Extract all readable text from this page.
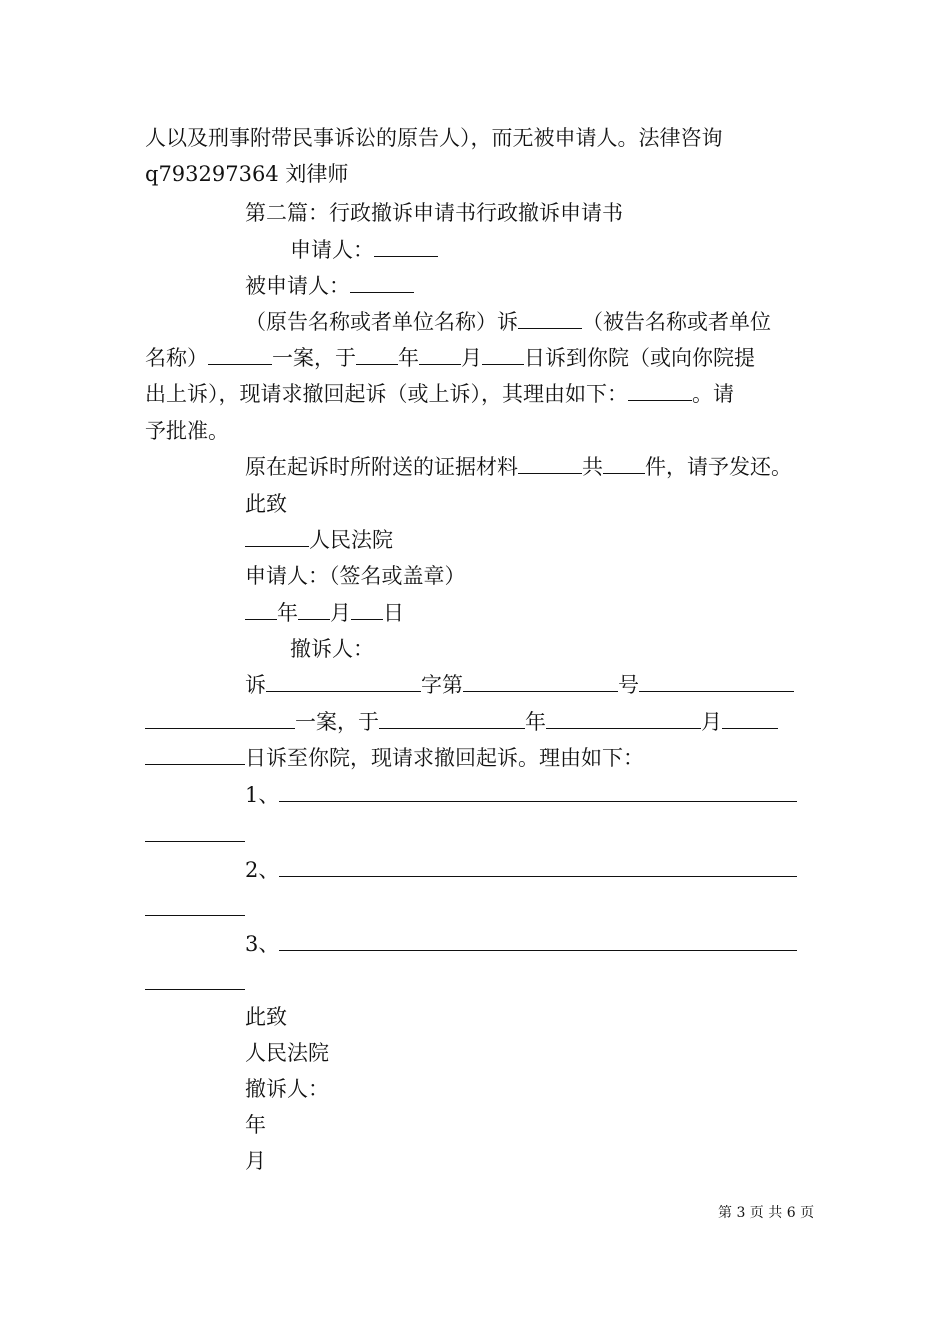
人以及刑事附带民事诉讼的原告人），而无被申请人。法律咨询
q793297364 刘律师
第二篇：行政撤诉申请书行政撤诉申请书
申请人：
被申请人：
（原告名称或者单位名称）诉	（被告名称或者单位
名称）	一案，于 年 月 日诉到你院（或向你院提
出上诉），现请求撤回起诉（或上诉），其理由如下：	。请
予批准。
原在起诉时所附送的证据材料	共 件，请予发还。
此致
人民法院
申请人：（签名或盖章）
年 月 日
撤诉人：
诉	字第	号
一案，于	年	月
日诉至你院，现请求撤回起诉。理由如下：
1、
2、
3、
此致
人民法院
撤诉人：
年
月
第 3 页 共 6 页
